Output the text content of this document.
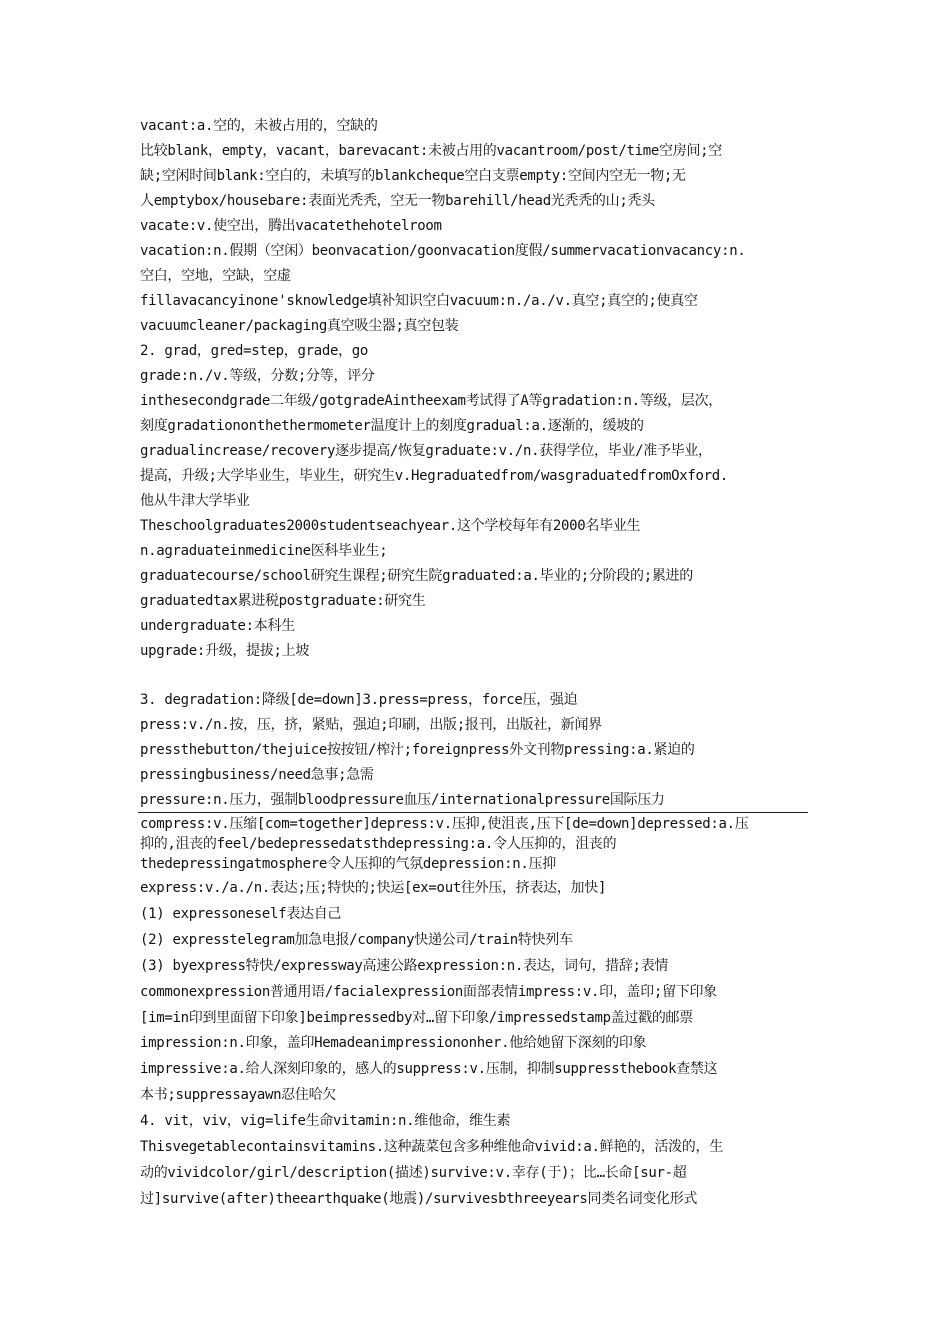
vacant:a.空的，未被占用的，空缺的
比较blank，empty，vacant，barevacant:未被占用的vacantroom/post/time空房间;空
缺;空闲时间blank:空白的，未填写的blankcheque空白支票empty:空间内空无一物;无
人emptybox/housebare:表面光秃秃，空无一物barehill/head光秃秃的山;秃头
vacate:v.使空出，腾出vacatethehotelroom
vacation:n.假期（空闲）beonvacation/goonvacation度假/summervacationvacancy:n.
空白，空地，空缺，空虚
fillavacancyinone'sknowledge填补知识空白vacuum:n./a./v.真空;真空的;使真空
vacuumcleaner/packaging真空吸尘器;真空包装
2. grad，gred=step，grade，go
grade:n./v.等级，分数;分等，评分
inthesecondgrade二年级/gotgradeAintheexam考试得了A等gradation:n.等级，层次，
刻度gradationonthethermometer温度计上的刻度gradual:a.逐渐的，缓坡的
gradualincrease/recovery逐步提高/恢复graduate:v./n.获得学位，毕业/准予毕业，
提高，升级;大学毕业生，毕业生，研究生v.Hegraduatedfrom/wasgraduatedfromOxford.
他从牛津大学毕业
Theschoolgraduates2000studentseachyear.这个学校每年有2000名毕业生
n.agraduateinmedicine医科毕业生;
graduatecourse/school研究生课程;研究生院graduated:a.毕业的;分阶段的;累进的
graduatedtax累进税postgraduate:研究生
undergraduate:本科生
upgrade:升级，提拔;上坡
3. degradation:降级[de=down]3.press=press，force压，强迫
press:v./n.按，压，挤，紧贴，强迫;印刷，出版;报刊，出版社，新闻界
pressthebutton/thejuice按按钮/榨汁;foreignpress外文刊物pressing:a.紧迫的
pressingbusiness/need急事;急需
pressure:n.压力，强制bloodpressure血压/internationalpressure国际压力
compress:v.压缩[com=together]depress:v.压抑,使沮丧,压下[de=down]depressed:a.压
抑的,沮丧的feel/bedepressedatsthdepressing:a.令人压抑的，沮丧的
thedepressingatmosphere令人压抑的气氛depression:n.压抑
express:v./a./n.表达;压;特快的;快运[ex=out往外压，挤表达，加快]
(1) expressoneself表达自己
(2) expresstelegram加急电报/company快递公司/train特快列车
(3) byexpress特快/expressway高速公路expression:n.表达，词句，措辞;表情
commonexpression普通用语/facialexpression面部表情impress:v.印，盖印;留下印象
[im=in印到里面留下印象]beimpressedby对…留下印象/impressedstamp盖过戳的邮票
impression:n.印象，盖印Hemadeanimpressiononher.他给她留下深刻的印象
impressive:a.给人深刻印象的，感人的suppress:v.压制，抑制suppressthebook查禁这
本书;suppressayawn忍住哈欠
4. vit，viv，vig=life生命vitamin:n.维他命，维生素
Thisvegetablecontainsvitamins.这种蔬菜包含多种维他命vivid:a.鲜艳的，活泼的，生
动的vividcolor/girl/description(描述)survive:v.幸存(于)；比…长命[sur-超
过]survive(after)theearthquake(地震)/survivesbthreeyears同类名词变化形式
